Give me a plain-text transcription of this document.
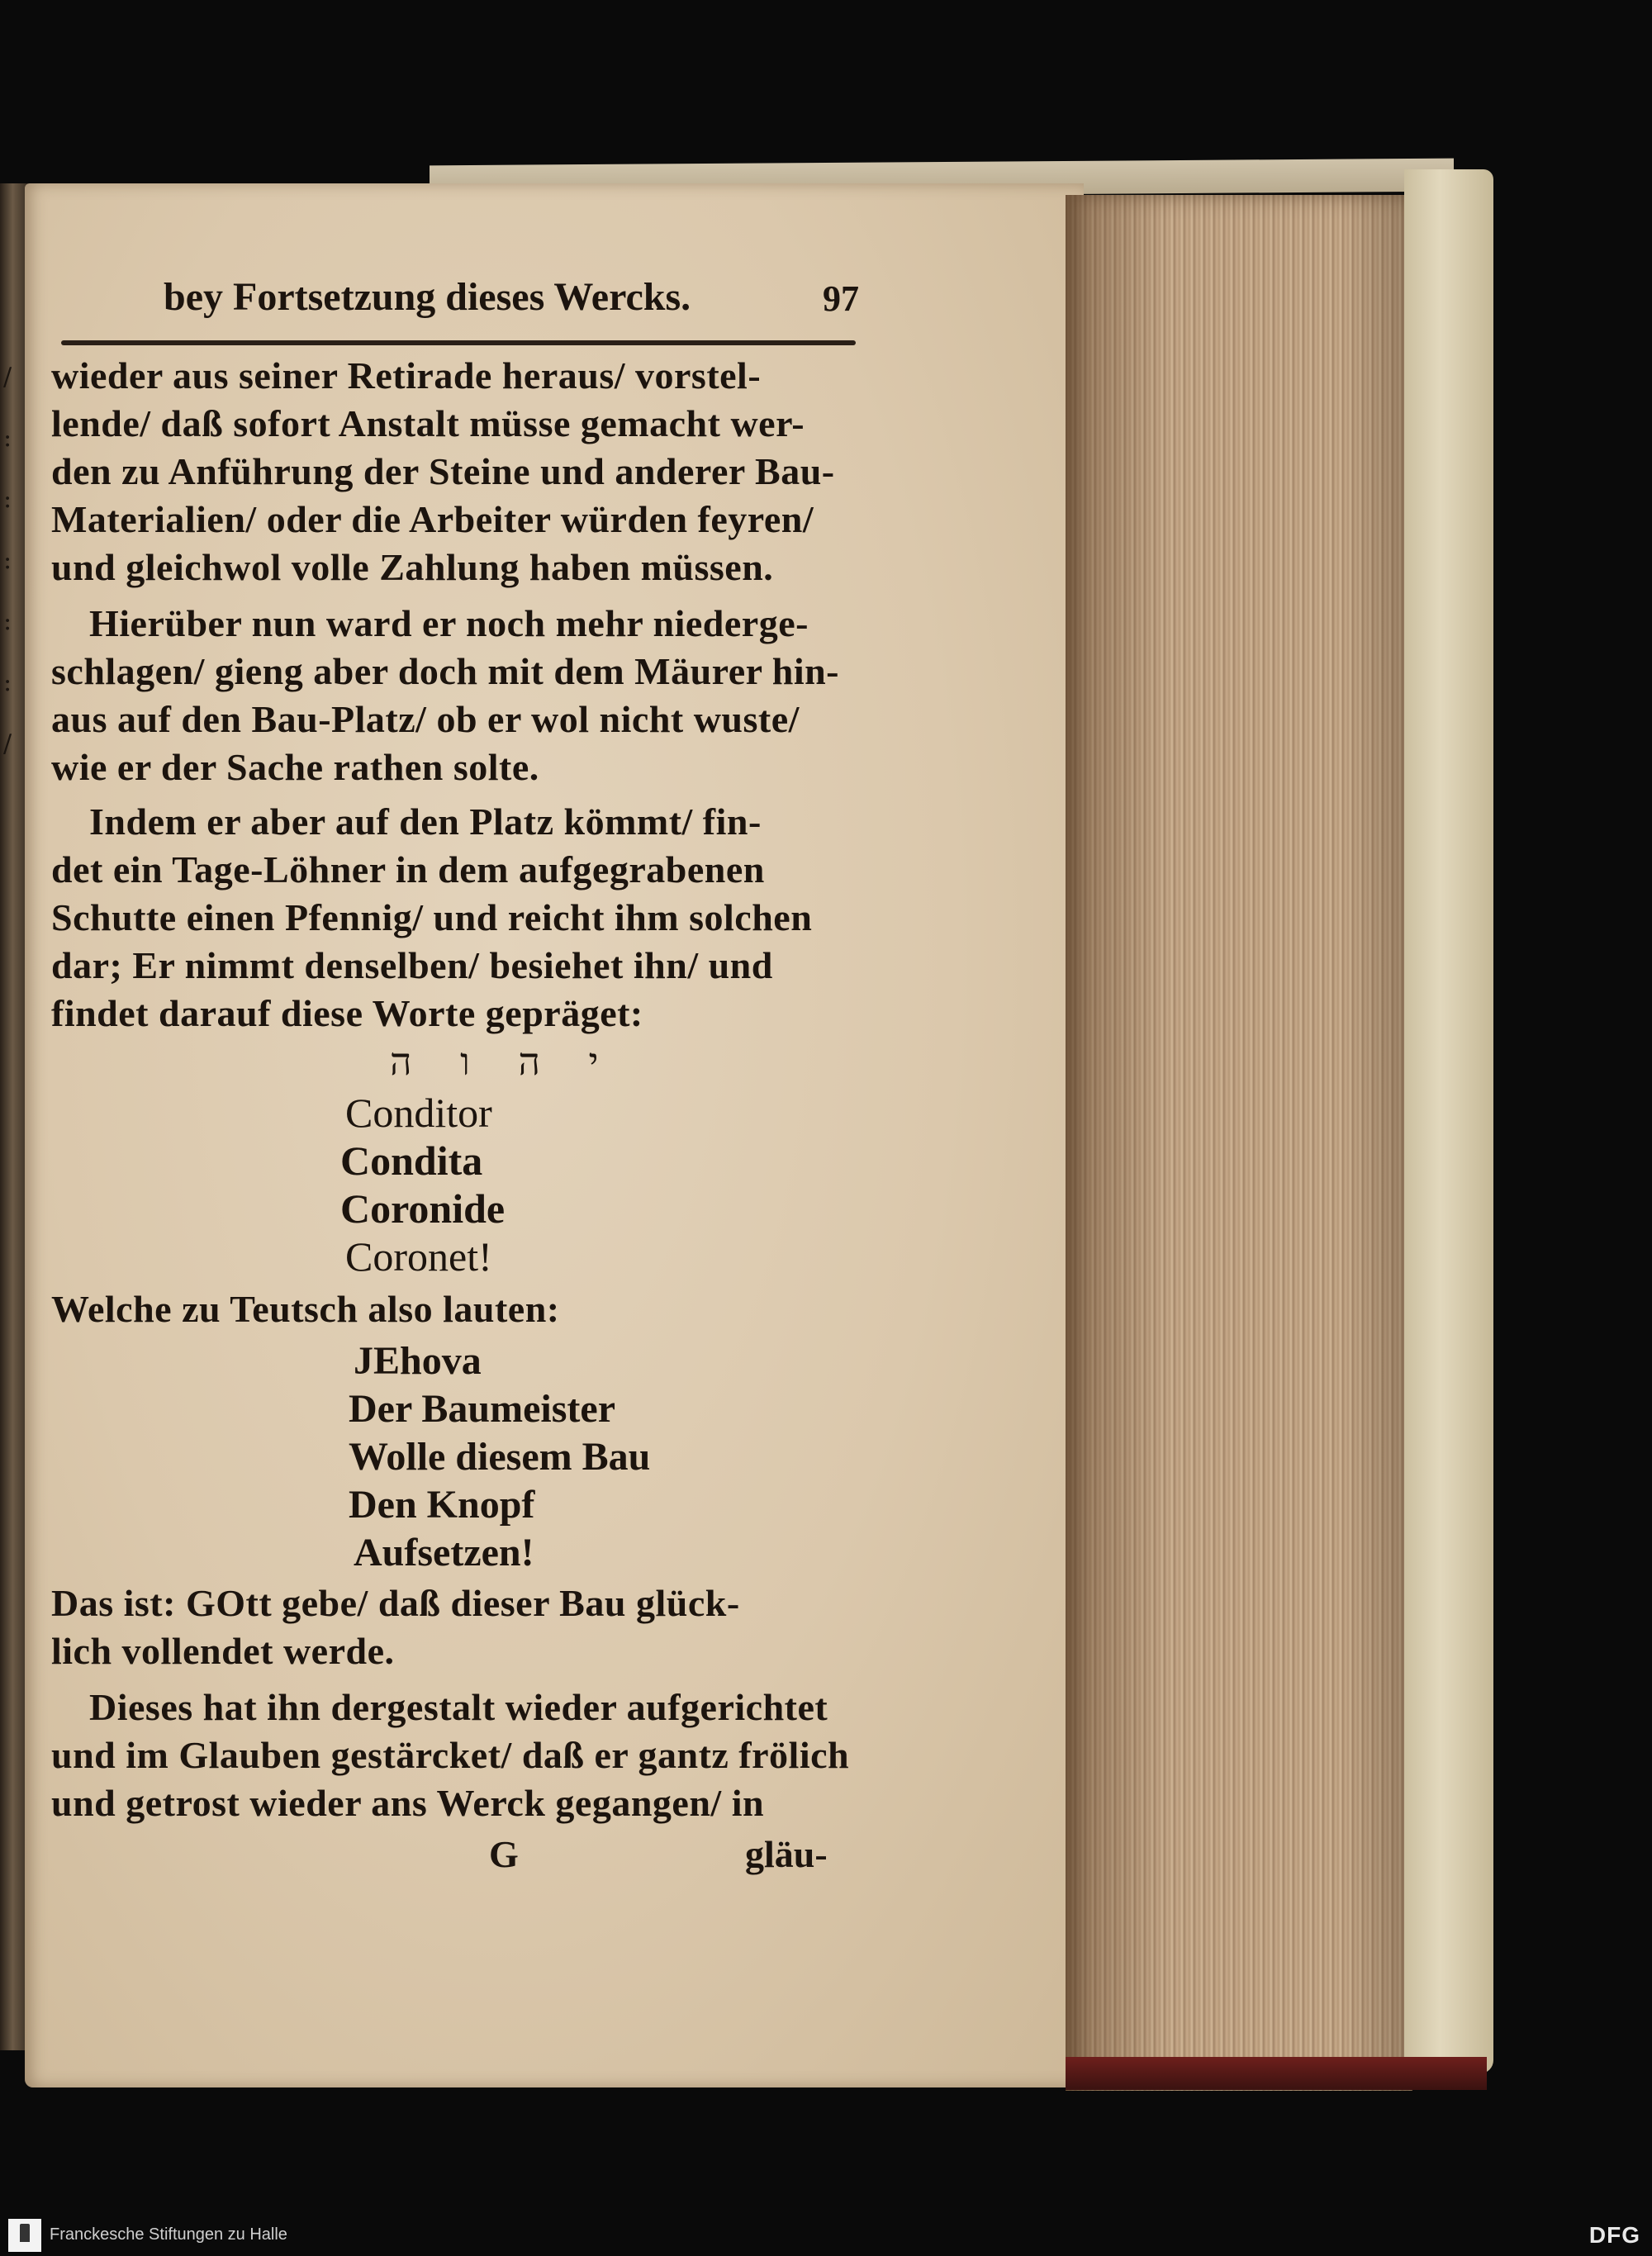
/
:
:
:
:
:
/
bey Fortsetzung dieses Wercks.	97
wieder aus seiner Retirade heraus/ vorstel-
lende/ daß sofort Anstalt müsse gemacht wer-
den zu Anführung der Steine und anderer Bau-
Materialien/ oder die Arbeiter würden feyren/
und gleichwol volle Zahlung haben müssen.
Hierüber nun ward er noch mehr niederge-
schlagen/ gieng aber doch mit dem Mäurer hin-
aus auf den Bau-Platz/ ob er wol nicht wuste/
wie er der Sache rathen solte.
Indem er aber auf den Platz kömmt/ fin-
det ein Tage-Löhner in dem aufgegrabenen
Schutte einen Pfennig/ und reicht ihm solchen
dar; Er nimmt denselben/ besiehet ihn/ und
findet darauf diese Worte gepräget:
י ה ו ה
Conditor
Condita
Coronide
Coronet!
Welche zu Teutsch also lauten:
JEhova
Der Baumeister
Wolle diesem Bau
Den Knopf
Aufsetzen!
Das ist: GOtt gebe/ daß dieser Bau glück-
lich vollendet werde.
Dieses hat ihn dergestalt wieder aufgerichtet
und im Glauben gestärcket/ daß er gantz frölich
und getrost wieder ans Werck gegangen/ in
G	gläu-
Franckesche Stiftungen zu Halle	DFG
